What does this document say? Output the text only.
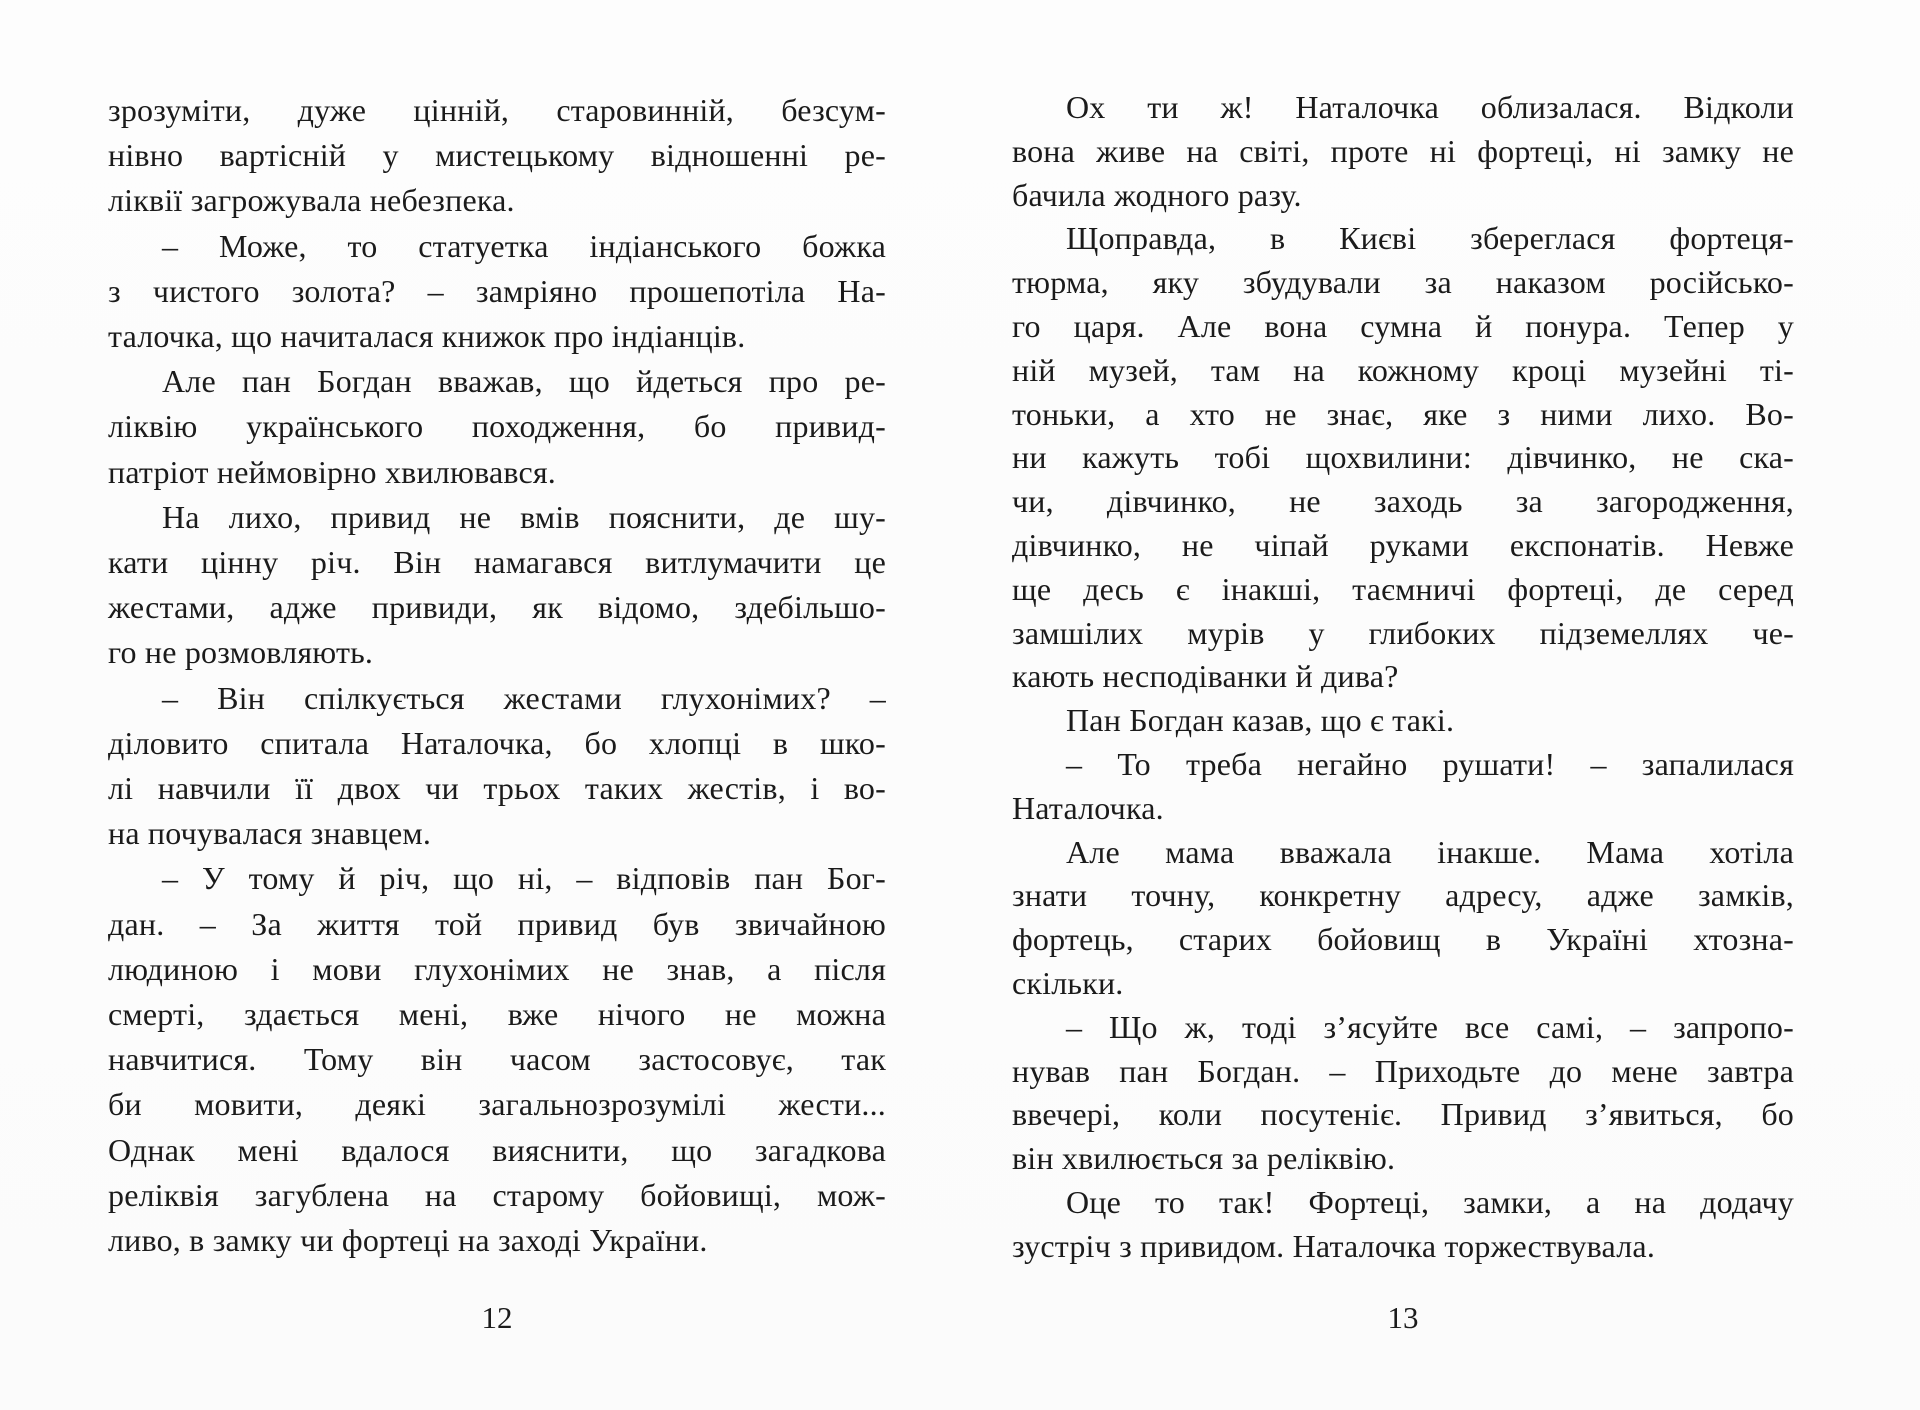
зрозуміти, дуже цінній, старовинній, безсум-
нівно вартісній у мистецькому відношенні ре-
ліквії загрожувала небезпека.
– Може, то статуетка індіанського божка
з чистого золота? – замріяно прошепотіла На-
талочка, що начиталася книжок про індіанців.
Але пан Богдан вважав, що йдеться про ре-
ліквію українського походження, бо привид-
патріот неймовірно хвилювався.
На лихо, привид не вмів пояснити, де шу-
кати цінну річ. Він намагався витлумачити це
жестами, адже привиди, як відомо, здебільшо-
го не розмовляють.
– Він спілкується жестами глухонімих? –
діловито спитала Наталочка, бо хлопці в шко-
лі навчили її двох чи трьох таких жестів, і во-
на почувалася знавцем.
– У тому й річ, що ні, – відповів пан Бог-
дан. – За життя той привид був звичайною
людиною і мови глухонімих не знав, а після
смерті, здається мені, вже нічого не можна
навчитися. Тому він часом застосовує, так
би мовити, деякі загальнозрозумілі жести...
Однак мені вдалося вияснити, що загадкова
реліквія загублена на старому бойовищі, мож-
ливо, в замку чи фортеці на заході України.
12
Ох ти ж! Наталочка облизалася. Відколи
вона живе на світі, проте ні фортеці, ні замку не
бачила жодного разу.
Щоправда, в Києві збереглася фортеця-
тюрма, яку збудували за наказом російсько-
го царя. Але вона сумна й понура. Тепер у
ній музей, там на кожному кроці музейні ті-
тоньки, а хто не знає, яке з ними лихо. Во-
ни кажуть тобі щохвилини: дівчинко, не ска-
чи, дівчинко, не заходь за загородження,
дівчинко, не чіпай руками експонатів. Невже
ще десь є інакші, таємничі фортеці, де серед
замшілих мурів у глибоких підземеллях че-
кають несподіванки й дива?
Пан Богдан казав, що є такі.
– То треба негайно рушати! – запалилася
Наталочка.
Але мама вважала інакше. Мама хотіла
знати точну, конкретну адресу, адже замків,
фортець, старих бойовищ в Україні хтозна-
скільки.
– Що ж, тоді з’ясуйте все самі, – запропо-
нував пан Богдан. – Приходьте до мене завтра
ввечері, коли посутеніє. Привид з’явиться, бо
він хвилюється за реліквію.
Оце то так! Фортеці, замки, а на додачу
зустріч з привидом. Наталочка торжествувала.
13
